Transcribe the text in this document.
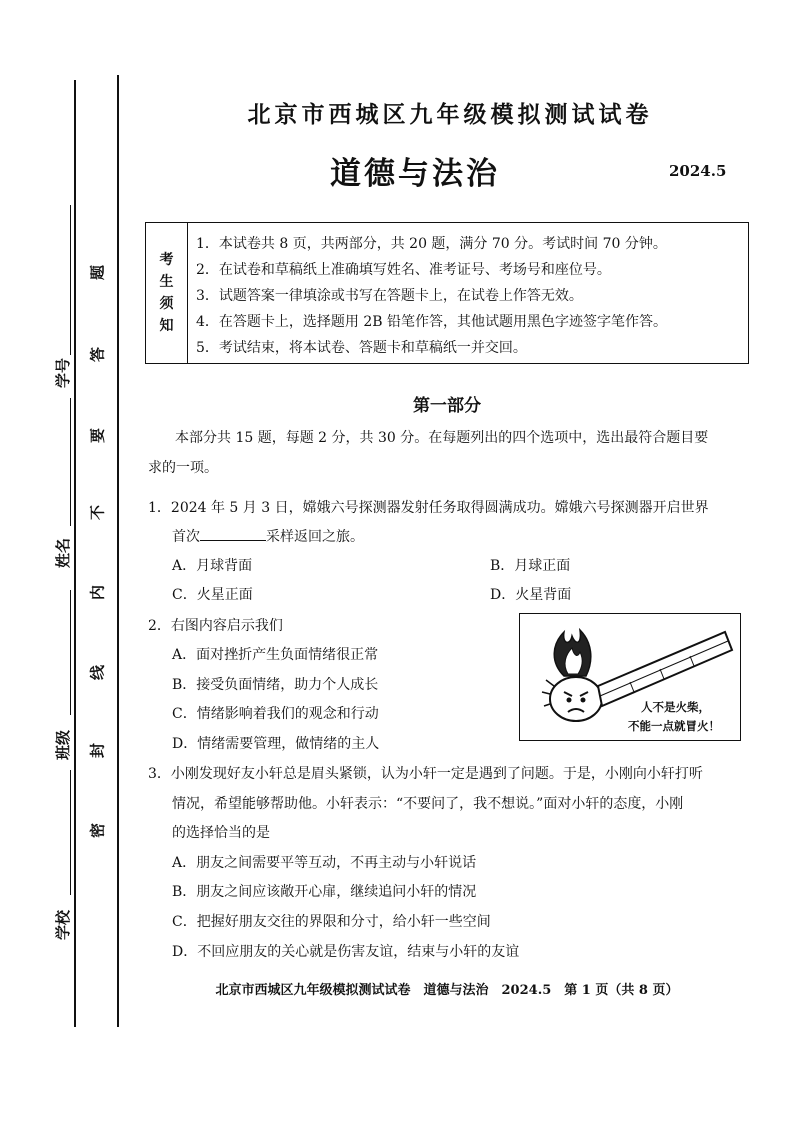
学号
姓名
班级
学校
题
答
要
不
内
线
封
密
北京市西城区九年级模拟测试试卷
道德与法治	2024.5
考
生
须
知
1．本试卷共 8 页，共两部分，共 20 题，满分 70 分。考试时间 70 分钟。
2．在试卷和草稿纸上准确填写姓名、准考证号、考场号和座位号。
3．试题答案一律填涂或书写在答题卡上，在试卷上作答无效。
4．在答题卡上，选择题用 2B 铅笔作答，其他试题用黑色字迹签字笔作答。
5．考试结束，将本试卷、答题卡和草稿纸一并交回。
第一部分
本部分共 15 题，每题 2 分，共 30 分。在每题列出的四个选项中，选出最符合题目要
求的一项。
1．2024 年 5 月 3 日，嫦娥六号探测器发射任务取得圆满成功。嫦娥六号探测器开启世界
首次	采样返回之旅。
A．月球背面	B．月球正面
C．火星正面	D．火星背面
2．右图内容启示我们
A．面对挫折产生负面情绪很正常
B．接受负面情绪，助力个人成长
C．情绪影响着我们的观念和行动
D．情绪需要管理，做情绪的主人
人不是火柴，
不能一点就冒火！
3．小刚发现好友小轩总是眉头紧锁，认为小轩一定是遇到了问题。于是，小刚向小轩打听
情况，希望能够帮助他。小轩表示：“不要问了，我不想说。”面对小轩的态度，小刚
的选择恰当的是
A．朋友之间需要平等互动，不再主动与小轩说话
B．朋友之间应该敞开心扉，继续追问小轩的情况
C．把握好朋友交往的界限和分寸，给小轩一些空间
D．不回应朋友的关心就是伤害友谊，结束与小轩的友谊
北京市西城区九年级模拟测试试卷　道德与法治　2024.5　第 1 页（共 8 页）
